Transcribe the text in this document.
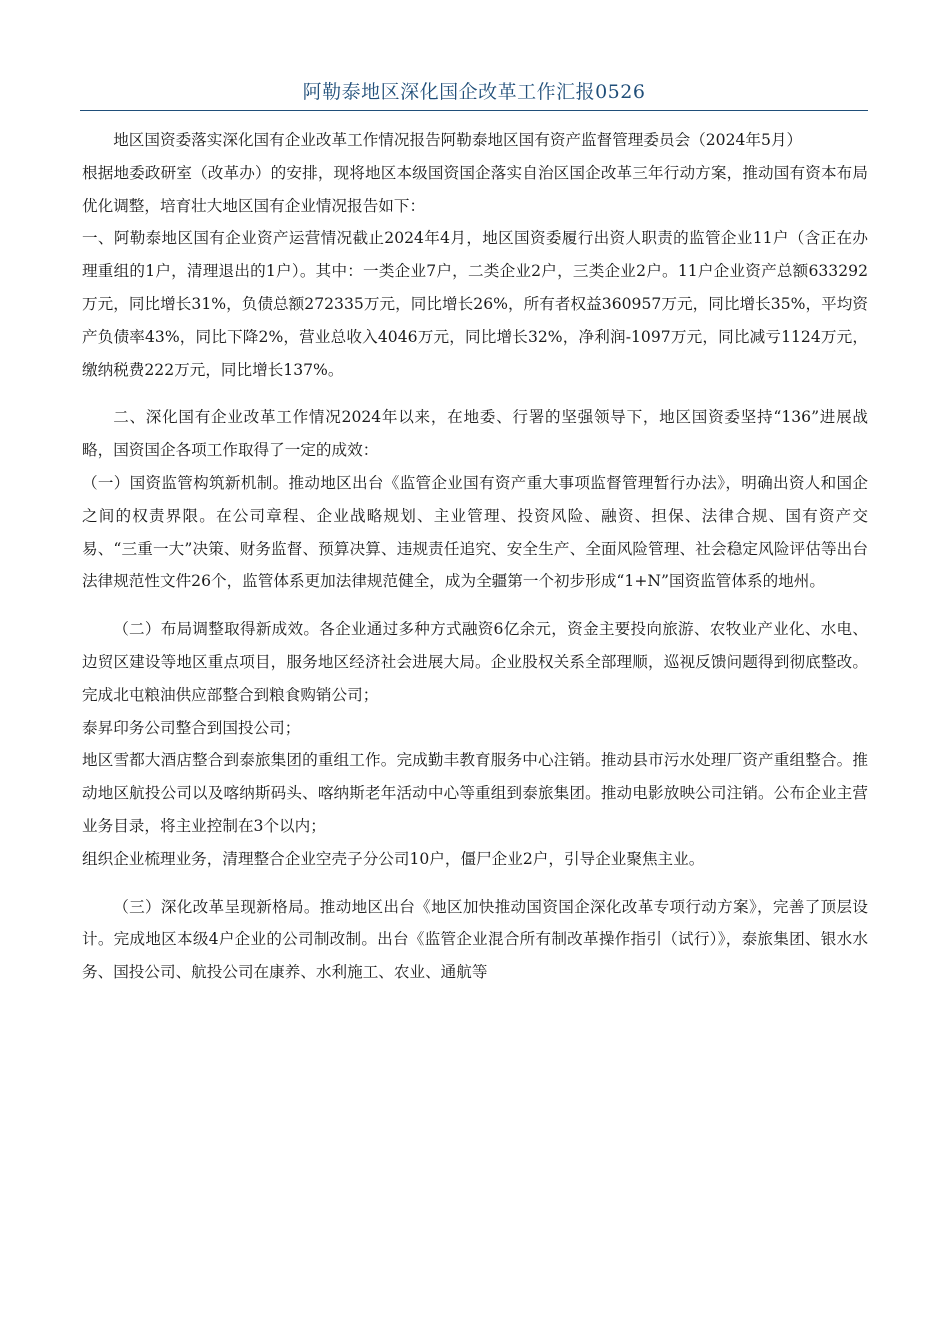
阿勒泰地区深化国企改革工作汇报0526

地区国资委落实深化国有企业改革工作情况报告阿勒泰地区国有资产监督管理委员会（2024年5月）

根据地委政研室（改革办）的安排，现将地区本级国资国企落实自治区国企改革三年行动方案，推动国有资本布局优化调整，培育壮大地区国有企业情况报告如下：

一、阿勒泰地区国有企业资产运营情况截止2024年4月，地区国资委履行出资人职责的监管企业11户（含正在办理重组的1户，清理退出的1户）。其中：一类企业7户，二类企业2户，三类企业2户。11户企业资产总额633292万元，同比增长31%，负债总额272335万元，同比增长26%，所有者权益360957万元，同比增长35%，平均资产负债率43%，同比下降2%，营业总收入4046万元，同比增长32%，净利润-1097万元，同比减亏1124万元，缴纳税费222万元，同比增长137%。

二、深化国有企业改革工作情况2024年以来，在地委、行署的坚强领导下，地区国资委坚持“136”进展战略，国资国企各项工作取得了一定的成效：

（一）国资监管构筑新机制。推动地区出台《监管企业国有资产重大事项监督管理暂行办法》，明确出资人和国企之间的权责界限。在公司章程、企业战略规划、主业管理、投资风险、融资、担保、法律合规、国有资产交易、“三重一大”决策、财务监督、预算决算、违规责任追究、安全生产、全面风险管理、社会稳定风险评估等出台法律规范性文件26个，监管体系更加法律规范健全，成为全疆第一个初步形成“1+N”国资监管体系的地州。

（二）布局调整取得新成效。各企业通过多种方式融资6亿余元，资金主要投向旅游、农牧业产业化、水电、边贸区建设等地区重点项目，服务地区经济社会进展大局。企业股权关系全部理顺，巡视反馈问题得到彻底整改。完成北屯粮油供应部整合到粮食购销公司；

泰昇印务公司整合到国投公司；

地区雪都大酒店整合到泰旅集团的重组工作。完成勤丰教育服务中心注销。推动县市污水处理厂资产重组整合。推动地区航投公司以及喀纳斯码头、喀纳斯老年活动中心等重组到泰旅集团。推动电影放映公司注销。公布企业主营业务目录，将主业控制在3个以内；

组织企业梳理业务，清理整合企业空壳子分公司10户，僵尸企业2户，引导企业聚焦主业。

（三）深化改革呈现新格局。推动地区出台《地区加快推动国资国企深化改革专项行动方案》，完善了顶层设计。完成地区本级4户企业的公司制改制。出台《监管企业混合所有制改革操作指引（试行）》，泰旅集团、银水水务、国投公司、航投公司在康养、水利施工、农业、通航等
